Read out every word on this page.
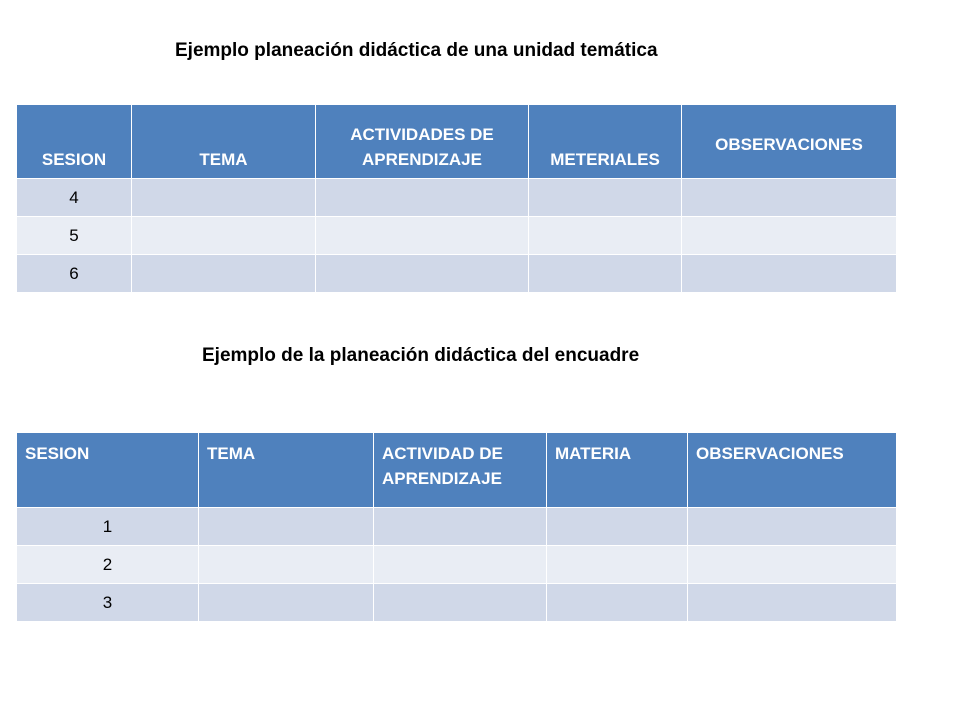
Ejemplo planeación didáctica de una unidad temática
SESION	TEMA	ACTIVIDADES DE APRENDIZAJE	METERIALES	OBSERVACIONES
4				
5				
6				
Ejemplo de la planeación didáctica del encuadre
SESION	TEMA	ACTIVIDAD DE APRENDIZAJE	MATERIA	OBSERVACIONES
1				
2				
3				
